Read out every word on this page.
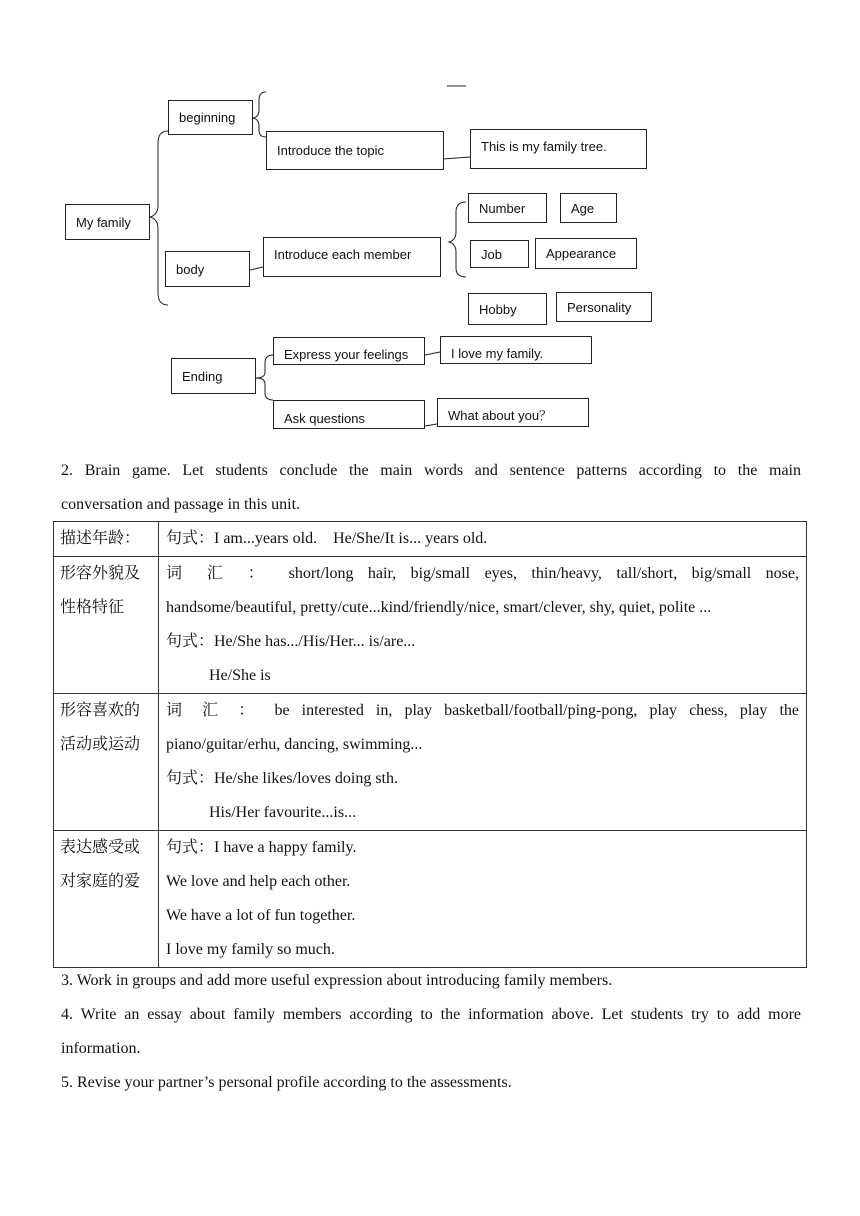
My family
beginning
Introduce the topic	This is my family tree.
body
Introduce each member
Number	Age
Job	Appearance
Hobby	Personality
Ending
Express your feelings	I love my family.
Ask questions	What about you？
2. Brain game. Let students conclude the main words and sentence patterns according to the main
conversation and passage in this unit.
描述年龄：	句式：I am...years old.    He/She/It is... years old.

形容外貌及性格特征	词 汇 ： short/long hair, big/small eyes, thin/heavy, tall/short, big/small nose,
handsome/beautiful, pretty/cute...kind/friendly/nice, smart/clever, shy, quiet, polite ...
句式：He/She has.../His/Her... is/are...
He/She is

形容喜欢的活动或运动	词 汇 ： be interested in, play basketball/football/ping-pong, play chess, play the
piano/guitar/erhu, dancing, swimming...
句式：He/she likes/loves doing sth.
His/Her favourite...is...

表达感受或对家庭的爱	句式：I have a happy family.
We love and help each other.
We have a lot of fun together.
I love my family so much.
3. Work in groups and add more useful expression about introducing family members.
4. Write an essay about family members according to the information above. Let students try to add more
information.
5. Revise your partner’s personal profile according to the assessments.
